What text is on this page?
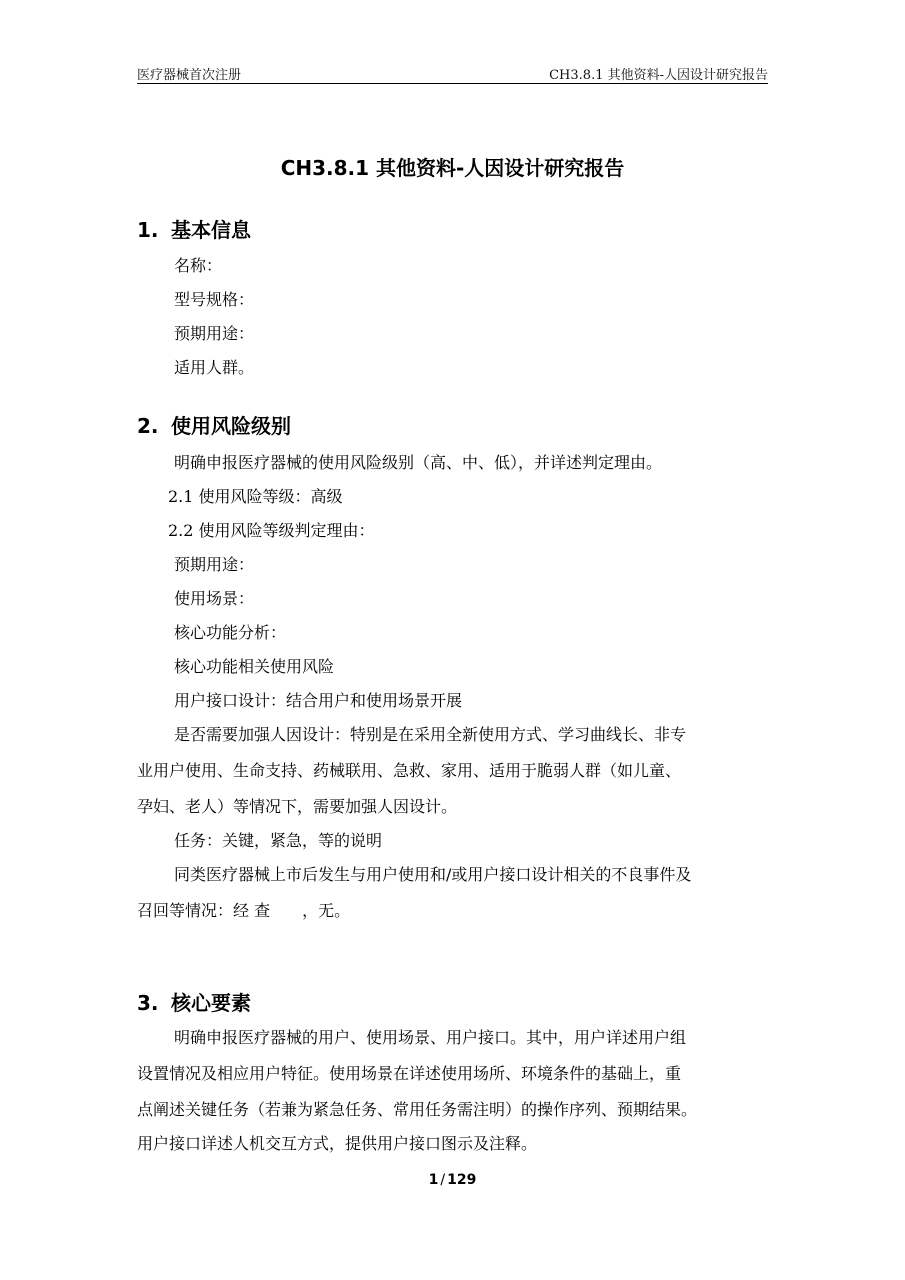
医疗器械首次注册	CH3.8.1 其他资料-人因设计研究报告
CH3.8.1 其他资料-人因设计研究报告
1. 基本信息
名称：
型号规格：
预期用途：
适用人群。
2. 使用风险级别
明确申报医疗器械的使用风险级别（高、中、低），并详述判定理由。
2.1 使用风险等级：高级
2.2 使用风险等级判定理由：
预期用途：
使用场景：
核心功能分析：
核心功能相关使用风险
用户接口设计：结合用户和使用场景开展
是否需要加强人因设计：特别是在采用全新使用方式、学习曲线长、非专
业用户使用、生命支持、药械联用、急救、家用、适用于脆弱人群（如儿童、
孕妇、老人）等情况下，需要加强人因设计。
任务：关键，紧急，等的说明
同类医疗器械上市后发生与用户使用和/或用户接口设计相关的不良事件及
召回等情况：经 查　　，无。
3. 核心要素
明确申报医疗器械的用户、使用场景、用户接口。其中，用户详述用户组
设置情况及相应用户特征。使用场景在详述使用场所、环境条件的基础上，重
点阐述关键任务（若兼为紧急任务、常用任务需注明）的操作序列、预期结果。
用户接口详述人机交互方式，提供用户接口图示及注释。
1 / 129
